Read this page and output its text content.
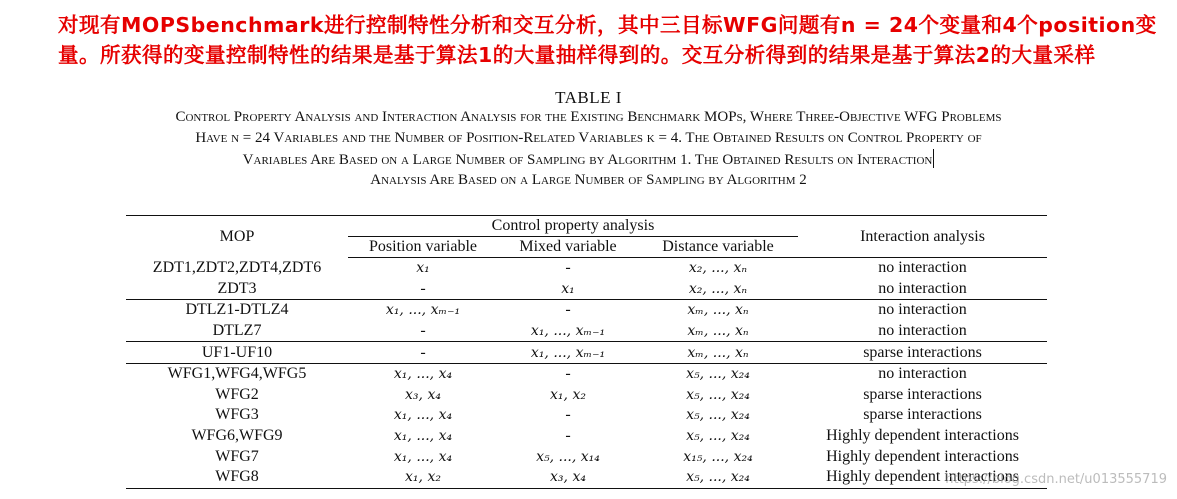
对现有MOPSbenchmark进行控制特性分析和交互分析，其中三目标WFG问题有n = 24个变量和4个position变量。所获得的变量控制特性的结果是基于算法1的大量抽样得到的。交互分析得到的结果是基于算法2的大量采样
TABLE I
Control Property Analysis and Interaction Analysis for the Existing Benchmark MOPs, Where Three-Objective WFG Problems
Have n = 24 Variables and the Number of Position-Related Variables k = 4. The Obtained Results on Control Property of
Variables Are Based on a Large Number of Sampling by Algorithm 1. The Obtained Results on Interaction
Analysis Are Based on a Large Number of Sampling by Algorithm 2
MOP	Control property analysis			Interaction analysis
	Position variable	Mixed variable	Distance variable	
ZDT1,ZDT2,ZDT4,ZDT6	x₁	-	x₂, ..., xₙ	no interaction
ZDT3	-	x₁	x₂, ..., xₙ	no interaction
DTLZ1-DTLZ4	x₁, ..., xₘ₋₁	-	xₘ, ..., xₙ	no interaction
DTLZ7	-	x₁, ..., xₘ₋₁	xₘ, ..., xₙ	no interaction
UF1-UF10	-	x₁, ..., xₘ₋₁	xₘ, ..., xₙ	sparse interactions
WFG1,WFG4,WFG5	x₁, ..., x₄	-	x₅, ..., x₂₄	no interaction
WFG2	x₃, x₄	x₁, x₂	x₅, ..., x₂₄	sparse interactions
WFG3	x₁, ..., x₄	-	x₅, ..., x₂₄	sparse interactions
WFG6,WFG9	x₁, ..., x₄	-	x₅, ..., x₂₄	Highly dependent interactions
WFG7	x₁, ..., x₄	x₅, ..., x₁₄	x₁₅, ..., x₂₄	Highly dependent interactions
WFG8	x₁, x₂	x₃, x₄	x₅, ..., x₂₄	Highly dependent interactions
https://blog.csdn.net/u013555719
